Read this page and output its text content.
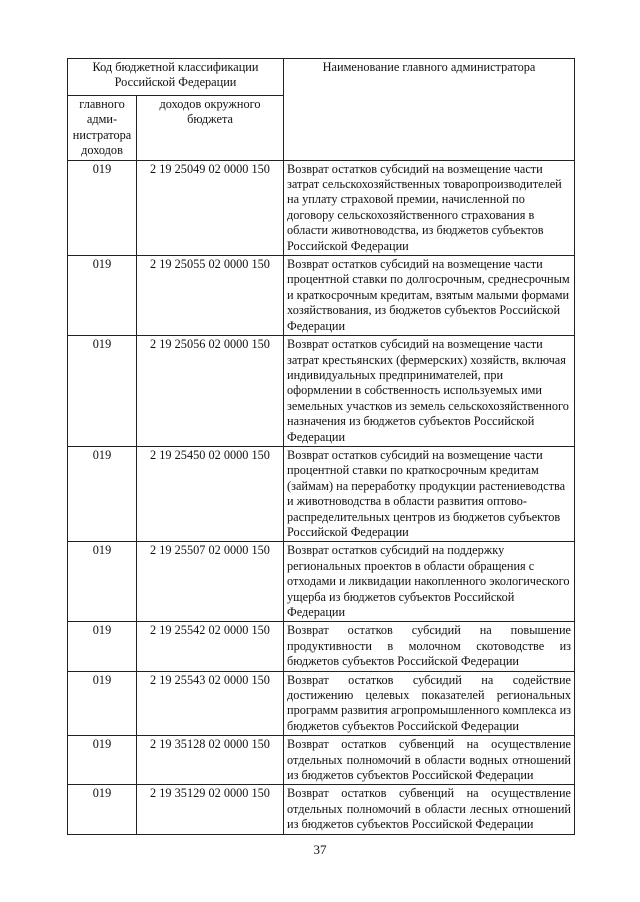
Код бюджетной классификации Российской Федерации		Наименование главного администратора
главного адми-нистратора доходов	доходов окружного бюджета	
019	2 19 25049 02 0000 150	Возврат остатков субсидий на возмещение части затрат сельскохозяйственных товаропроизводителей на уплату страховой премии, начисленной по договору сельскохозяйственного страхования в области животноводства, из бюджетов субъектов Российской Федерации
019	2 19 25055 02 0000 150	Возврат остатков субсидий на возмещение части процентной ставки по долгосрочным, среднесрочным и краткосрочным кредитам, взятым малыми формами хозяйствования, из бюджетов субъектов Российской Федерации
019	2 19 25056 02 0000 150	Возврат остатков субсидий на возмещение части затрат крестьянских (фермерских) хозяйств, включая индивидуальных предпринимателей, при оформлении в собственность используемых ими земельных участков из земель сельскохозяйственного назначения из бюджетов субъектов Российской Федерации
019	2 19 25450 02 0000 150	Возврат остатков субсидий на возмещение части процентной ставки по краткосрочным кредитам (займам) на переработку продукции растениеводства и животноводства в области развития оптово-распределительных центров из бюджетов субъектов Российской Федерации
019	2 19 25507 02 0000 150	Возврат остатков субсидий на поддержку региональных проектов в области обращения с отходами и ликвидации накопленного экологического ущерба из бюджетов субъектов Российской Федерации
019	2 19 25542 02 0000 150	Возврат остатков субсидий на повышение продуктивности в молочном скотоводстве из бюджетов субъектов Российской Федерации
019	2 19 25543 02 0000 150	Возврат остатков субсидий на содействие достижению целевых показателей региональных программ развития агропромышленного комплекса из бюджетов субъектов Российской Федерации
019	2 19 35128 02 0000 150	Возврат остатков субвенций на осуществление отдельных полномочий в области водных отношений из бюджетов субъектов Российской Федерации
019	2 19 35129 02 0000 150	Возврат остатков субвенций на осуществление отдельных полномочий в области лесных отношений из бюджетов субъектов Российской Федерации
37
